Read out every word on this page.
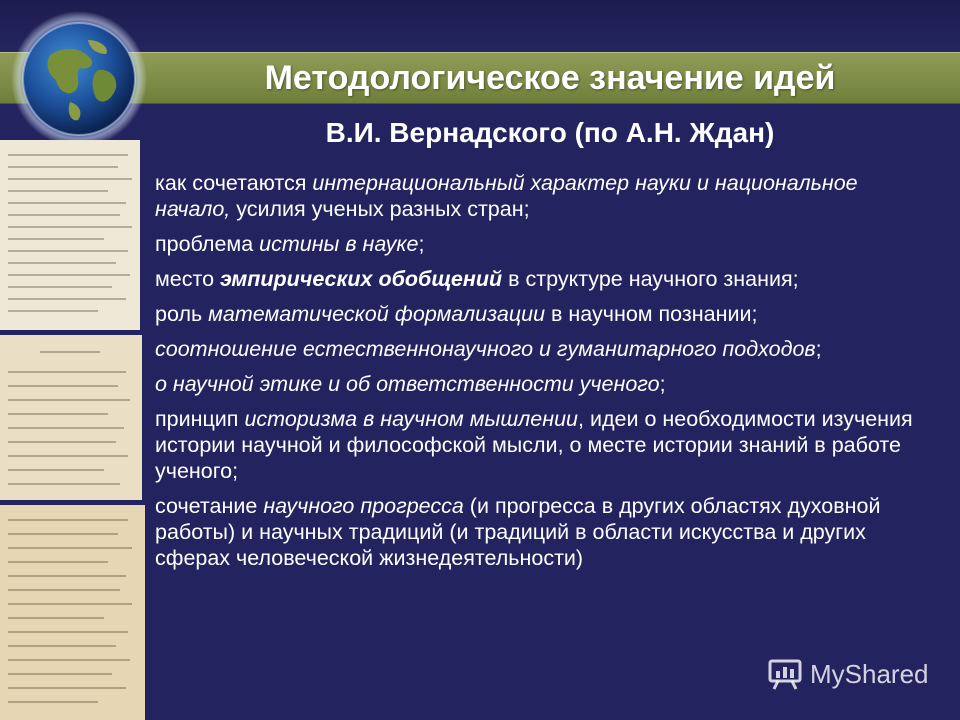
Методологическое значение идей
В.И. Вернадского (по А.Н. Ждан)
как сочетаются интернациональный характер науки и национальное начало, усилия ученых разных стран;
проблема истины в науке;
место эмпирических обобщений в структуре научного знания;
роль математической формализации в научном познании;
соотношение естественнонаучного и гуманитарного подходов;
о научной этике и об ответственности ученого;
принцип историзма в научном мышлении, идеи о необходимости изучения истории научной и философской мысли, о месте истории знаний в работе ученого;
сочетание научного прогресса (и прогресса в других областях духовной работы) и научных традиций (и традиций в области искусства и других сферах человеческой жизнедеятельности)
MyShared
